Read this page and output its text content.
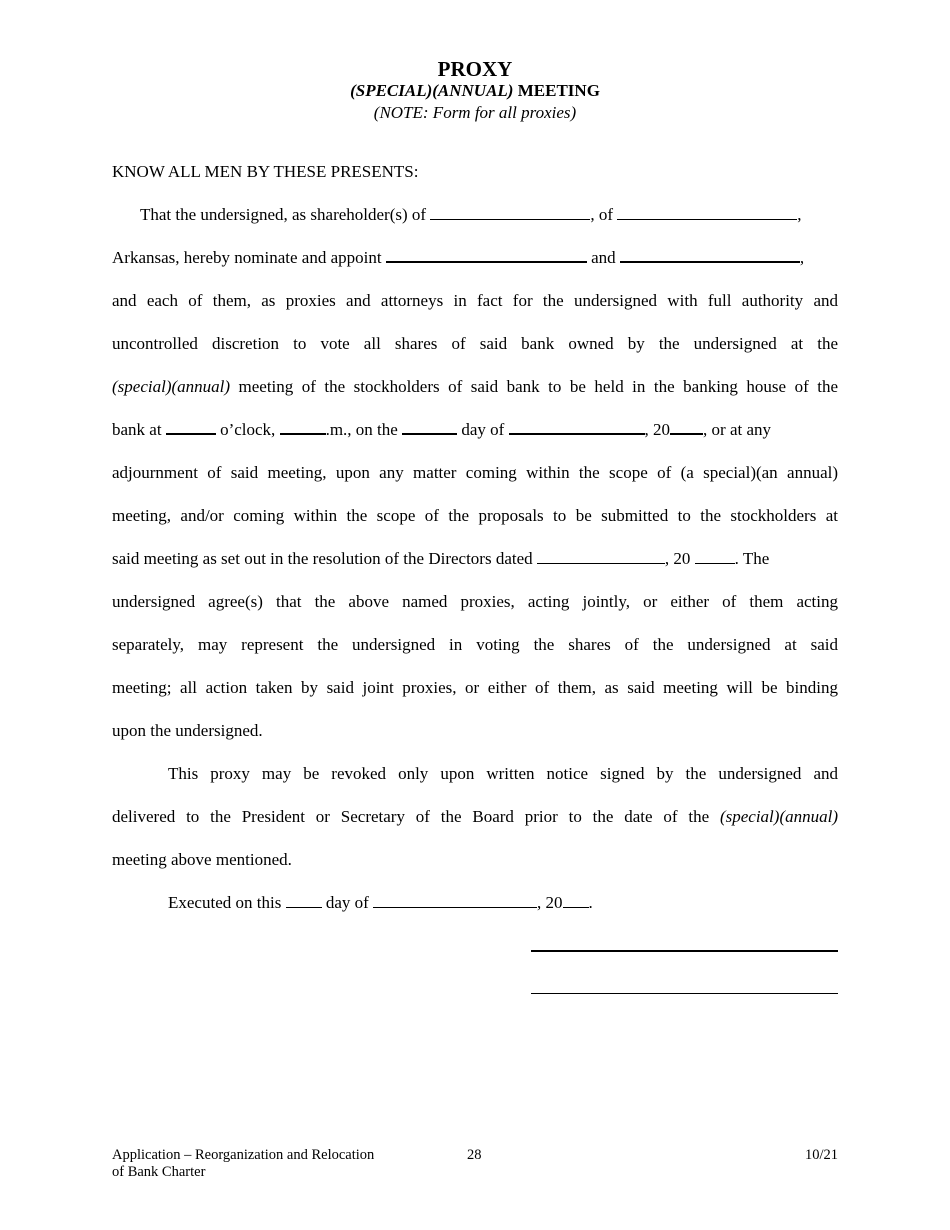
PROXY
(SPECIAL)(ANNUAL) MEETING
(NOTE: Form for all proxies)
KNOW ALL MEN BY THESE PRESENTS:
That the undersigned, as shareholder(s) of	, of	,
Arkansas, hereby nominate and appoint	and	,
and each of them, as proxies and attorneys in fact for the undersigned with full authority and
uncontrolled discretion to vote all shares of said bank owned by the undersigned at the
(special)(annual) meeting of the stockholders of said bank to be held in the banking house of the
bank at	o’clock,	.m., on the	day of	, 20 , or at any
adjournment of said meeting, upon any matter coming within the scope of (a special)(an annual)
meeting, and/or coming within the scope of the proposals to be submitted to the stockholders at
said meeting as set out in the resolution of the Directors dated	, 20 . The
undersigned agree(s) that the above named proxies, acting jointly, or either of them acting
separately, may represent the undersigned in voting the shares of the undersigned at said
meeting; all action taken by said joint proxies, or either of them, as said meeting will be binding
upon the undersigned.
This proxy may be revoked only upon written notice signed by the undersigned and
delivered to the President or Secretary of the Board prior to the date of the (special)(annual)
meeting above mentioned.
Executed on this  day of	, 20 .
Application – Reorganization and Relocation
of Bank Charter
28	10/21
